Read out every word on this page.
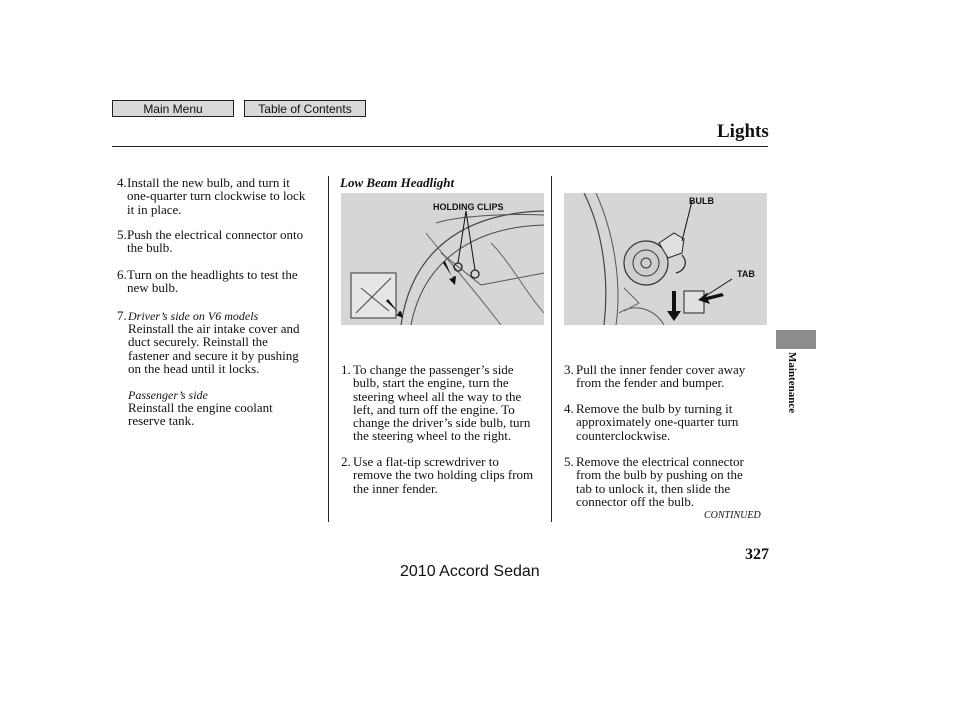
Main Menu	Table of Contents
Lights
4. Install the new bulb, and turn it
one-quarter turn clockwise to lock
it in place.
5. Push the electrical connector onto
the bulb.
6. Turn on the headlights to test the
new bulb.
7. Driver’s side on V6 models
Reinstall the air intake cover and
duct securely. Reinstall the
fastener and secure it by pushing
on the head until it locks.
Passenger’s side
Reinstall the engine coolant
reserve tank.
Low Beam Headlight
HOLDING CLIPS
1. To change the passenger’s side
bulb, start the engine, turn the
steering wheel all the way to the
left, and turn off the engine. To
change the driver’s side bulb, turn
the steering wheel to the right.
2. Use a flat-tip screwdriver to
remove the two holding clips from
the inner fender.
BULB
TAB
3. Pull the inner fender cover away
from the fender and bumper.
4. Remove the bulb by turning it
approximately one-quarter turn
counterclockwise.
5. Remove the electrical connector
from the bulb by pushing on the
tab to unlock it, then slide the
connector off the bulb.
CONTINUED
Maintenance
327
2010 Accord Sedan
